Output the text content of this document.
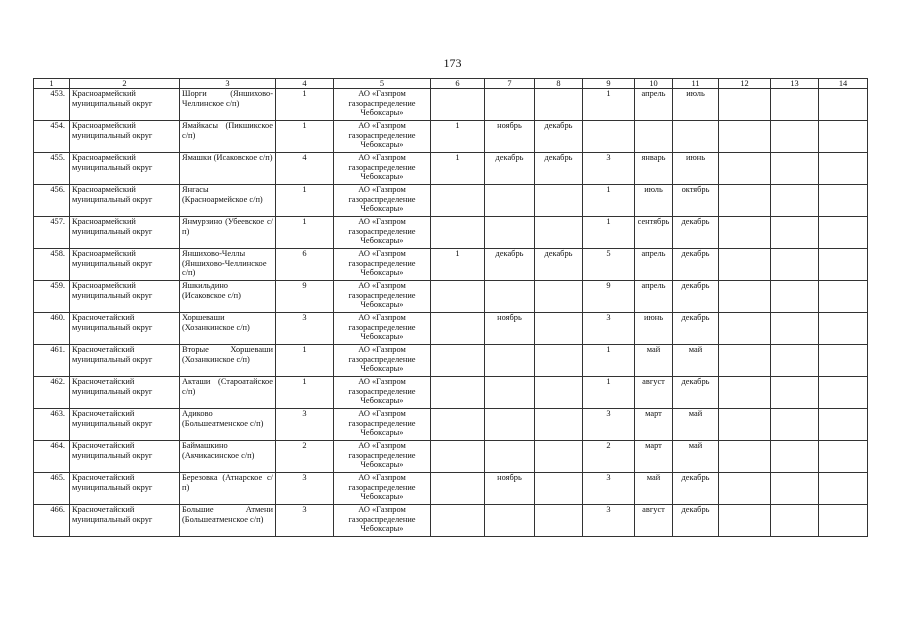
173
1	2	3	4	5	6	7	8	9	10	11	12	13	14
453.	Красноармейский муниципальный округ	Шорги (Яншихово-Челлинское с/п)	1	АО «Газпром газораспределение Чебоксары»				1	апрель	июль			
454.	Красноармейский муниципальный округ	Ямайкасы (Пикшикское с/п)	1	АО «Газпром газораспределение Чебоксары»	1	ноябрь	декабрь						
455.	Красноармейский муниципальный округ	Ямашки (Исаковское с/п)	4	АО «Газпром газораспределение Чебоксары»	1	декабрь	декабрь	3	январь	июнь			
456.	Красноармейский муниципальный округ	Янгасы (Красноармейское с/п)	1	АО «Газпром газораспределение Чебоксары»				1	июль	октябрь			
457.	Красноармейский муниципальный округ	Янмурзино (Убеевское с/п)	1	АО «Газпром газораспределение Чебоксары»				1	сентябрь	декабрь			
458.	Красноармейский муниципальный округ	Яншихово-Челлы (Яншихово-Челлинское с/п)	6	АО «Газпром газораспределение Чебоксары»	1	декабрь	декабрь	5	апрель	декабрь			
459.	Красноармейский муниципальный округ	Яшкильдино (Исаковское с/п)	9	АО «Газпром газораспределение Чебоксары»				9	апрель	декабрь			
460.	Красночетайский муниципальный округ	Хоршеваши (Хозанкинское с/п)	3	АО «Газпром газораспределение Чебоксары»		ноябрь		3	июнь	декабрь			
461.	Красночетайский муниципальный округ	Вторые Хоршеваши (Хозанкинское с/п)	1	АО «Газпром газораспределение Чебоксары»				1	май	май			
462.	Красночетайский муниципальный округ	Акташи (Староатайское с/п)	1	АО «Газпром газораспределение Чебоксары»				1	август	декабрь			
463.	Красночетайский муниципальный округ	Адиково (Большеатменское с/п)	3	АО «Газпром газораспределение Чебоксары»				3	март	май			
464.	Красночетайский муниципальный округ	Баймашкино (Акчикасинское с/п)	2	АО «Газпром газораспределение Чебоксары»				2	март	май			
465.	Красночетайский муниципальный округ	Березовка (Атнарское с/п)	3	АО «Газпром газораспределение Чебоксары»		ноябрь		3	май	декабрь			
466.	Красночетайский муниципальный округ	Большие Атмени (Большеатменское с/п)	3	АО «Газпром газораспределение Чебоксары»				3	август	декабрь			
